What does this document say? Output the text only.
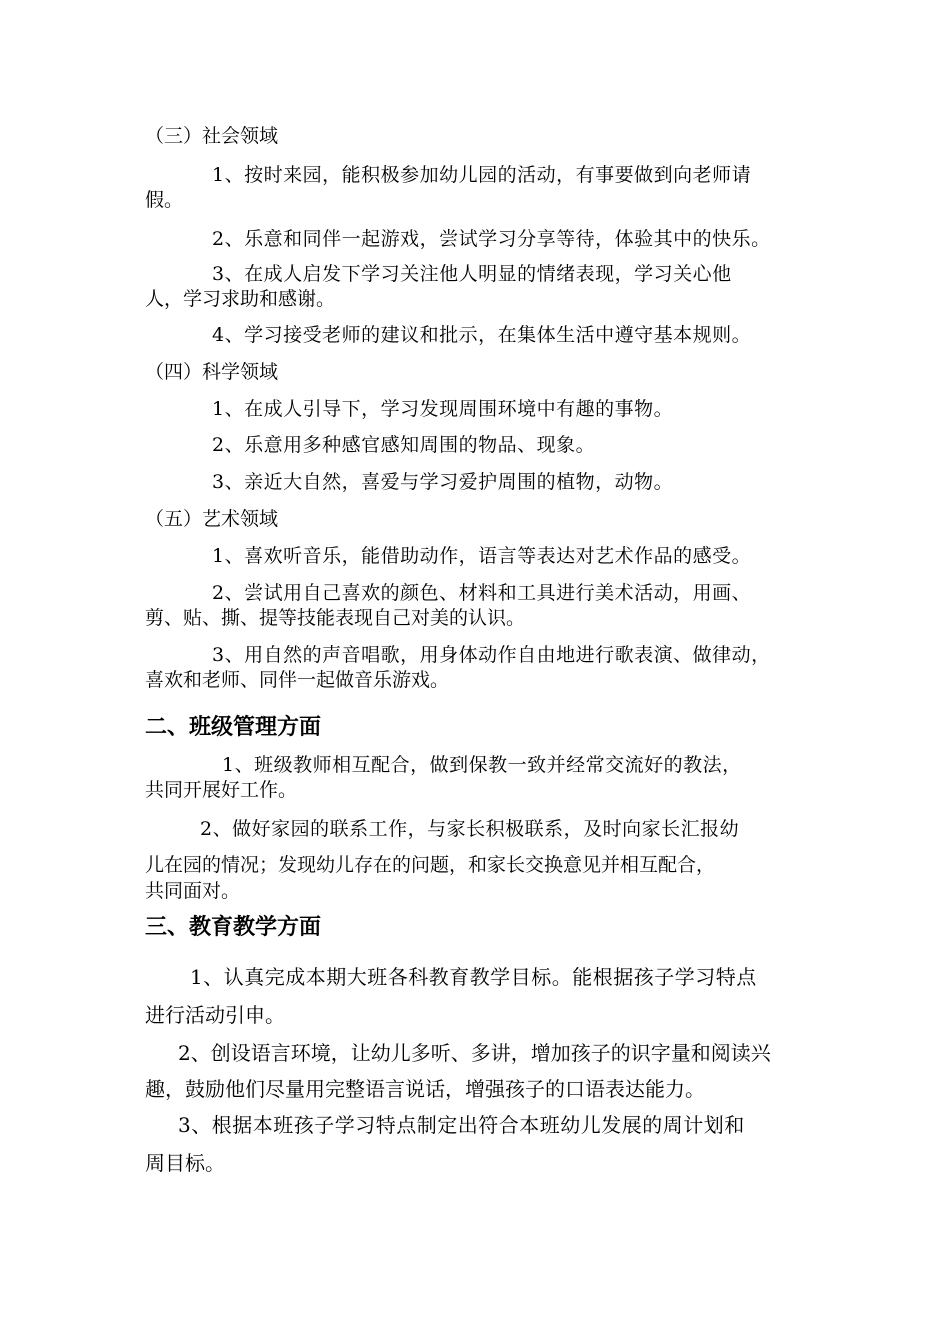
（三）社会领域

1、按时来园，能积极参加幼儿园的活动，有事要做到向老师请

假。

2、乐意和同伴一起游戏，尝试学习分享等待，体验其中的快乐。

3、在成人启发下学习关注他人明显的情绪表现，学习关心他

人，学习求助和感谢。

4、学习接受老师的建议和批示，在集体生活中遵守基本规则。

（四）科学领域

1、在成人引导下，学习发现周围环境中有趣的事物。

2、乐意用多种感官感知周围的物品、现象。

3、亲近大自然，喜爱与学习爱护周围的植物，动物。

（五）艺术领域

1、喜欢听音乐，能借助动作，语言等表达对艺术作品的感受。

2、尝试用自己喜欢的颜色、材料和工具进行美术活动，用画、

剪、贴、撕、提等技能表现自己对美的认识。

3、用自然的声音唱歌，用身体动作自由地进行歌表演、做律动，

喜欢和老师、同伴一起做音乐游戏。

二、班级管理方面

1、班级教师相互配合，做到保教一致并经常交流好的教法，

共同开展好工作。

2、做好家园的联系工作，与家长积极联系，及时向家长汇报幼

儿在园的情况；发现幼儿存在的问题，和家长交换意见并相互配合，

共同面对。

三、教育教学方面

1、认真完成本期大班各科教育教学目标。能根据孩子学习特点

进行活动引申。

2、创设语言环境，让幼儿多听、多讲，增加孩子的识字量和阅读兴

趣，鼓励他们尽量用完整语言说话，增强孩子的口语表达能力。

3、根据本班孩子学习特点制定出符合本班幼儿发展的周计划和

周目标。
